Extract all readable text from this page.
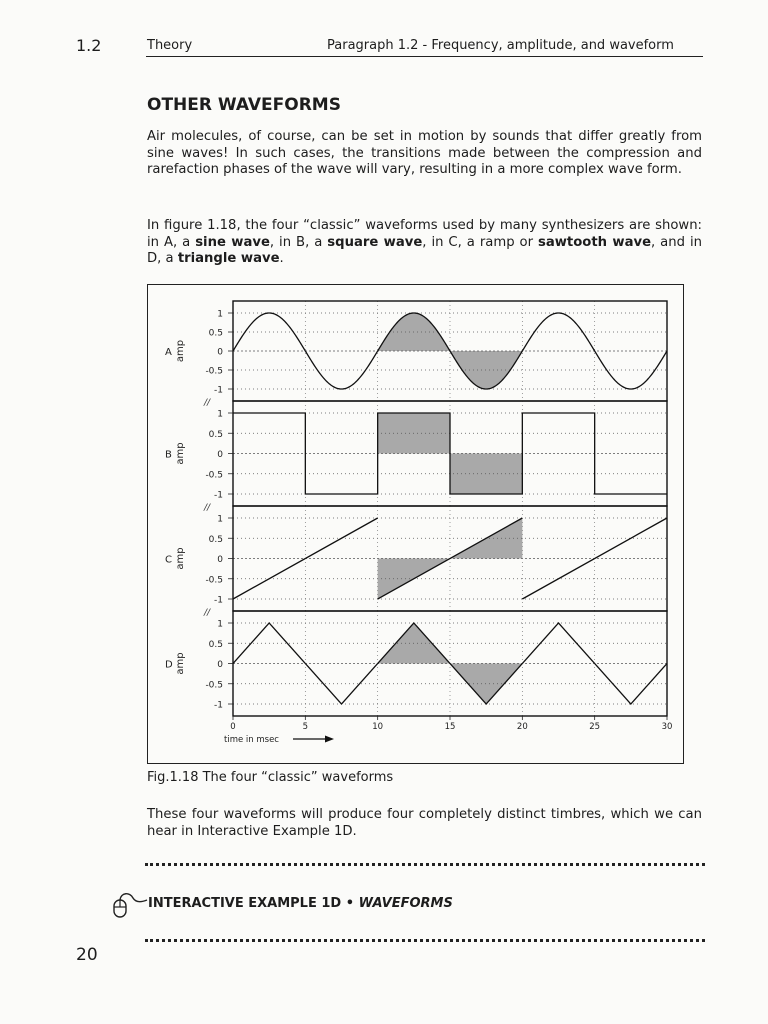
1.2	Theory	Paragraph 1.2 - Frequency, amplitude, and waveform
OTHER WAVEFORMS
Air molecules, of course, can be set in motion by sounds that differ greatly from sine waves! In such cases, the transitions made between the compression and rarefaction phases of the wave will vary, resulting in a more complex wave form.
In figure 1.18, the four “classic” waveforms used by many synthesizers are shown: in A, a sine wave, in B, a square wave, in C, a ramp or sawtooth wave, and in D, a triangle wave.
1
0.5
0
-0.5
-1
amp
A
1
0.5
0
-0.5
-1
amp
B
//
1
0.5
0
-0.5
-1
amp
C
//
1
0.5
0
-0.5
-1
amp
D
//
0	5	10	15	20	25	30
time in msec
Fig.1.18 The four “classic” waveforms
These four waveforms will produce four completely distinct timbres, which we can hear in Interactive Example 1D.
INTERACTIVE EXAMPLE 1D • WAVEFORMS
20
